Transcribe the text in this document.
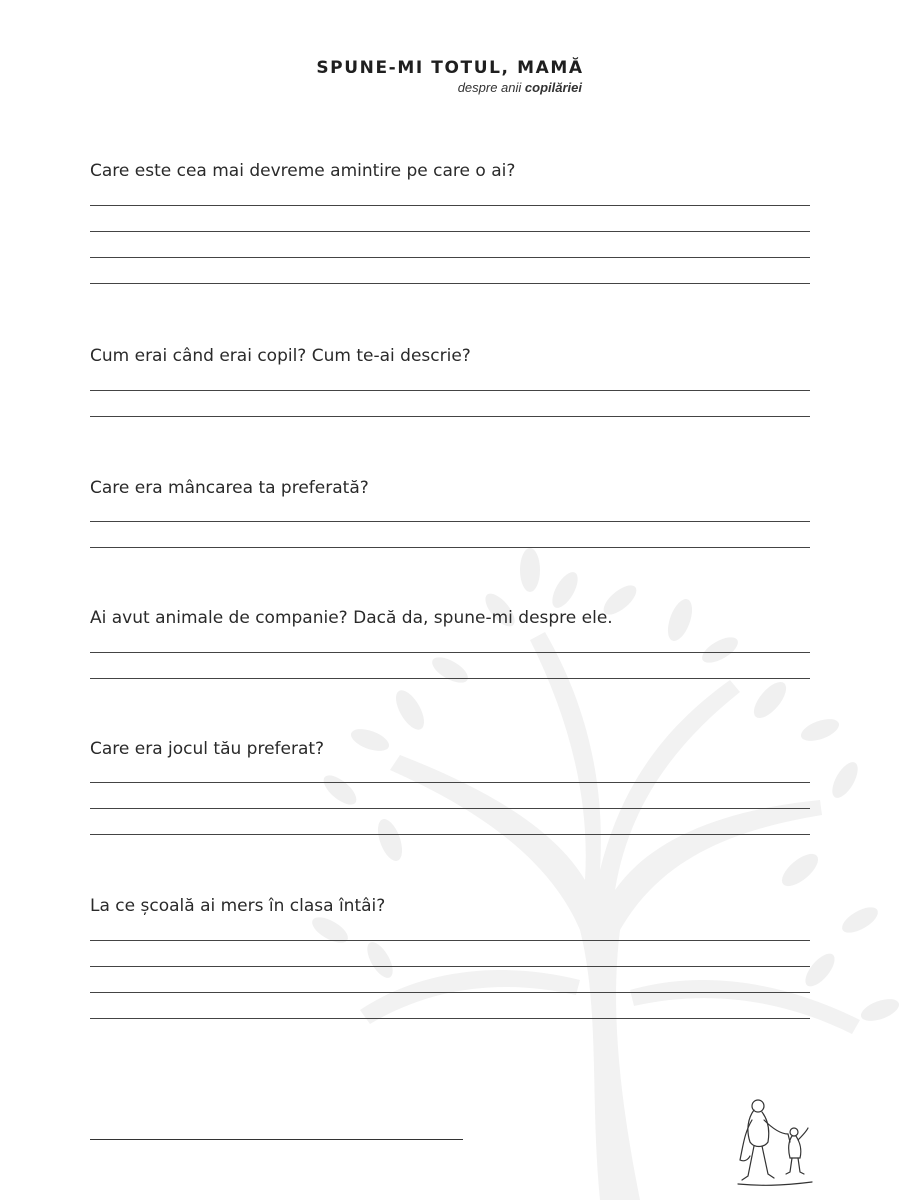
SPUNE-MI TOTUL, MAMĂ
despre anii copilăriei

Care este cea mai devreme amintire pe care o ai?

Cum erai când erai copil? Cum te-ai descrie?

Care era mâncarea ta preferată?

Ai avut animale de companie? Dacă da, spune-mi despre ele.

Care era jocul tău preferat?

La ce școală ai mers în clasa întâi?
